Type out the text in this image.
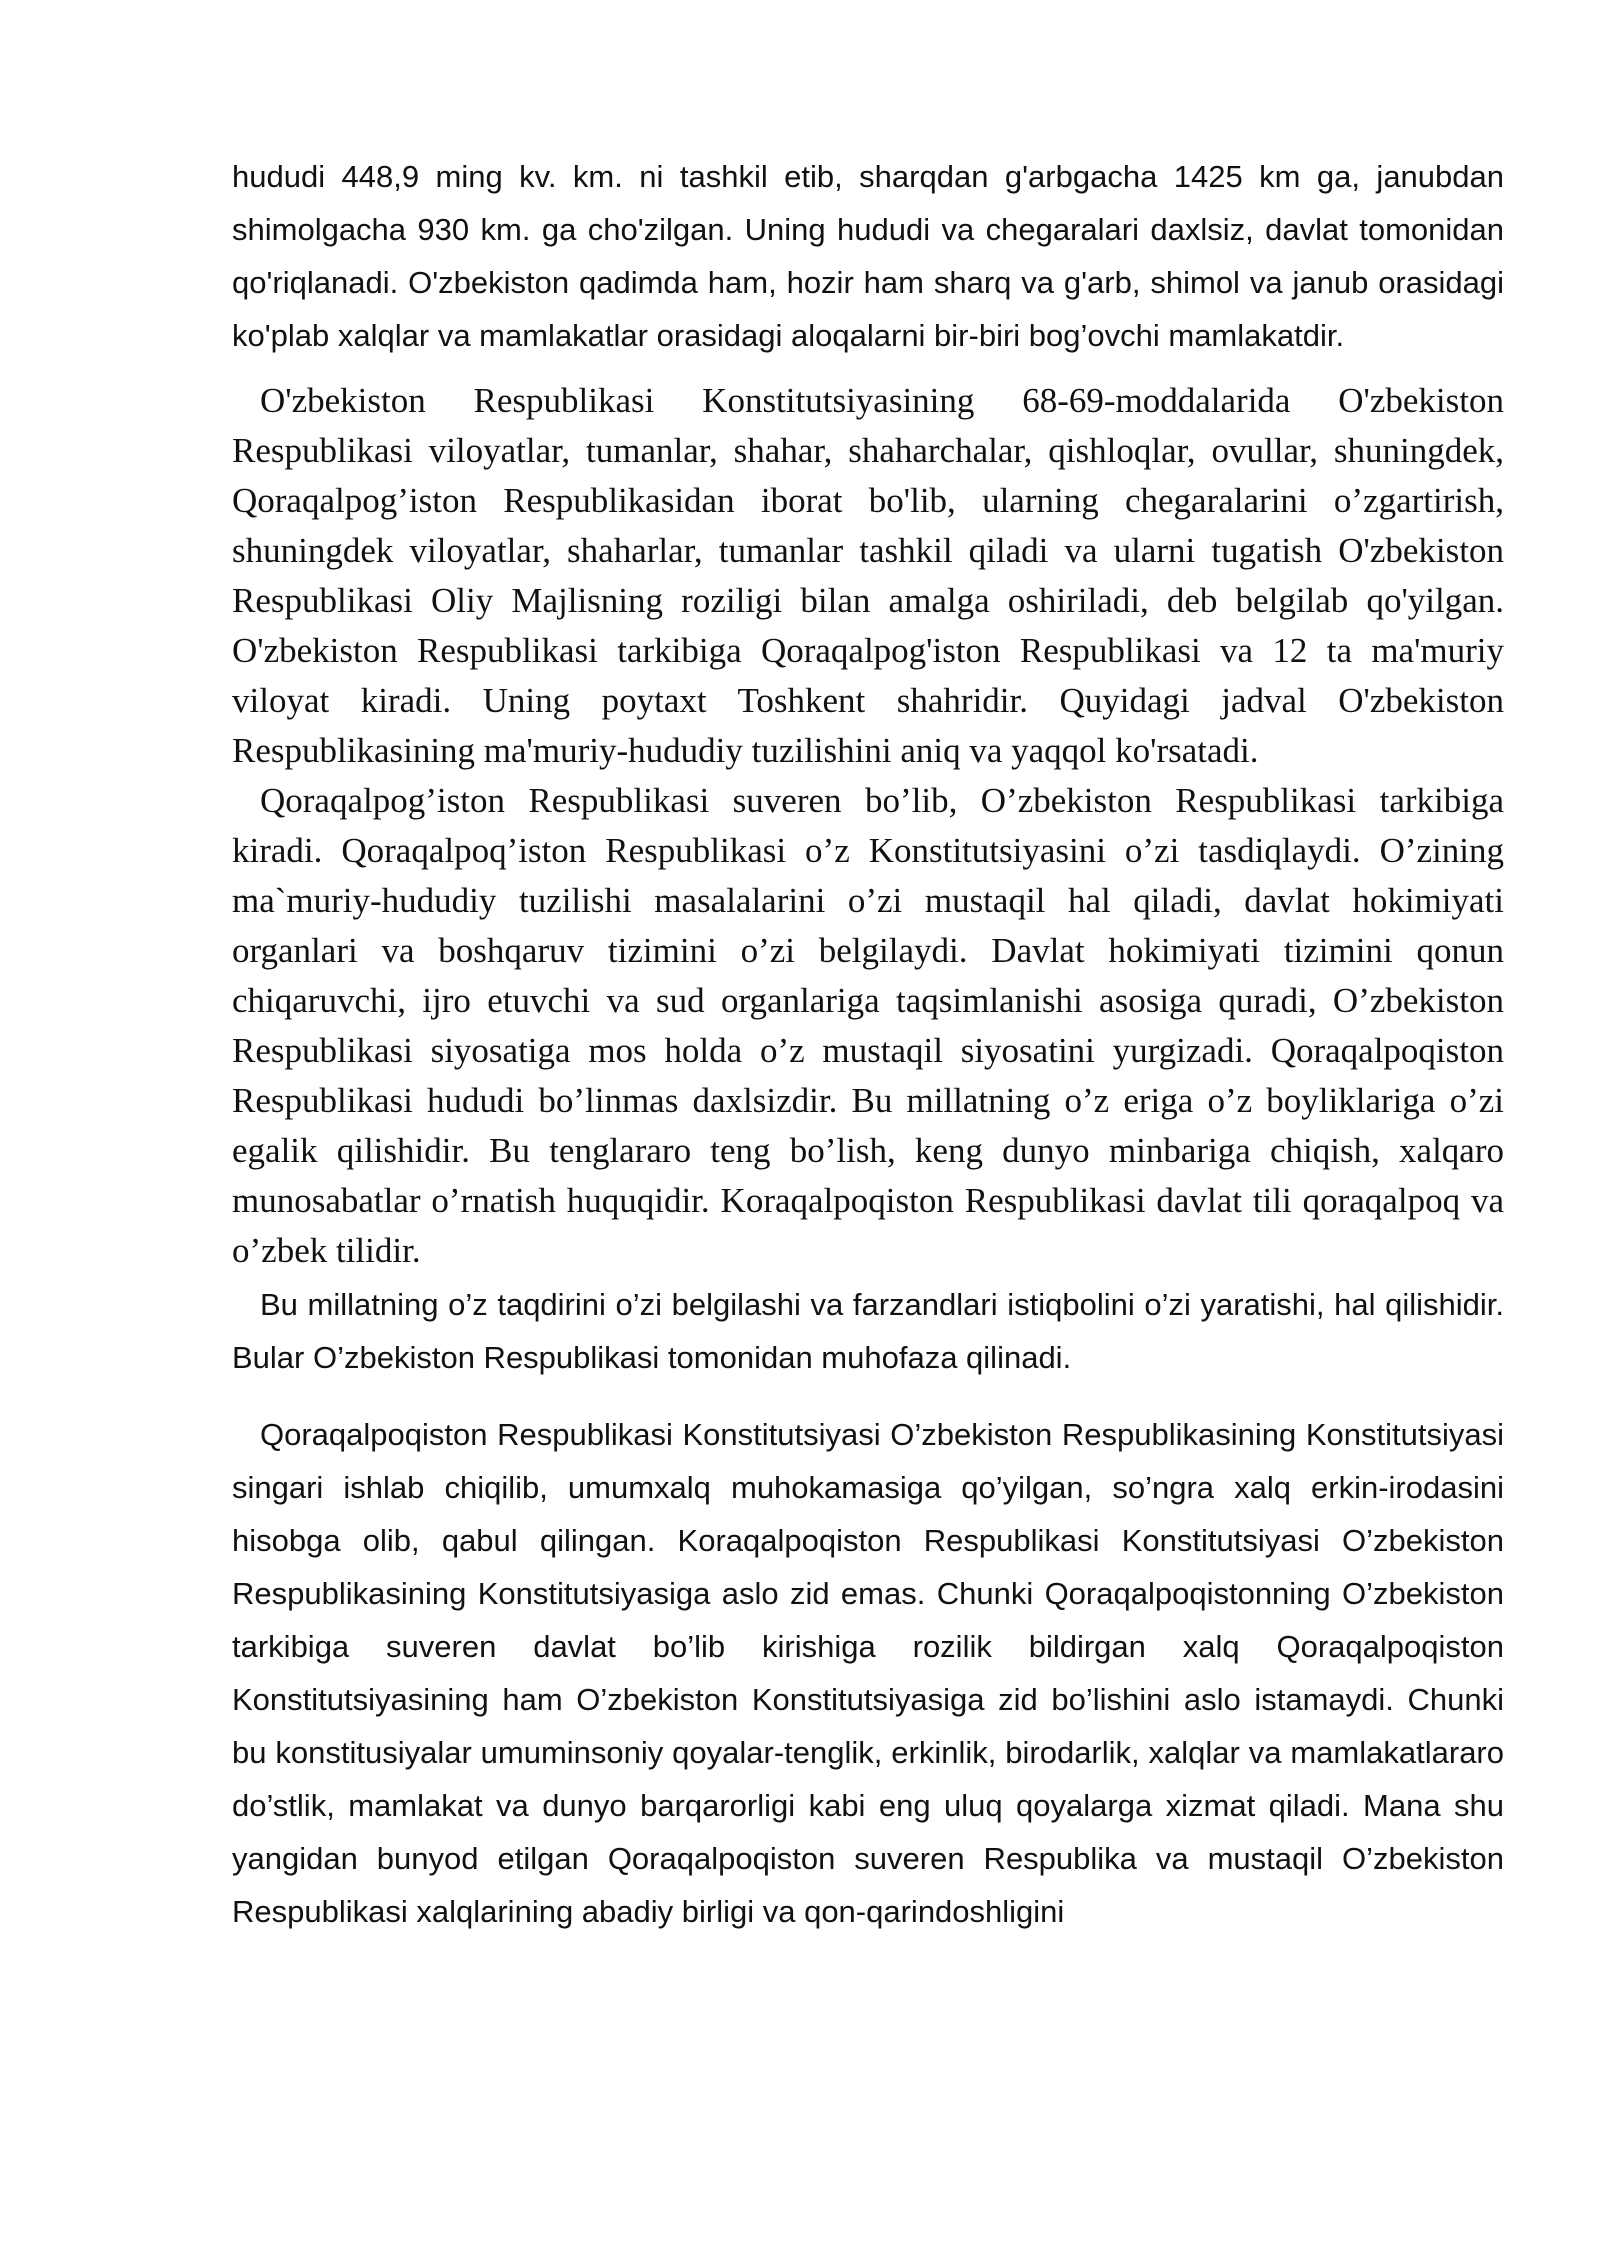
hududi 448,9 ming kv. km. ni tashkil etib, sharqdan g'arbgacha 1425 km ga, janubdan shimolgacha 930 km. ga cho'zilgan. Uning hududi va chegaralari daxlsiz, davlat tomonidan qo'riqlanadi. O'zbekiston qadimda ham, hozir ham sharq va g'arb, shimol va janub orasidagi ko'plab xalqlar va mamlakatlar orasidagi aloqalarni bir-biri bog’ovchi mamlakatdir.

O'zbekiston Respublikasi Konstitutsiyasining 68-69-moddalarida O'zbekiston Respublikasi viloyatlar, tumanlar, shahar, shaharchalar, qishloqlar, ovullar, shuningdek, Qoraqalpog’iston Respublikasidan iborat bo'lib, ularning chegaralarini o’zgartirish, shuningdek viloyatlar, shaharlar, tumanlar tashkil qiladi va ularni tugatish O'zbekiston Respublikasi Oliy Majlisning roziligi bilan amalga oshiriladi, deb belgilab qo'yilgan. O'zbekiston Respublikasi tarkibiga Qoraqalpog'iston Respublikasi va 12 ta ma'muriy viloyat kiradi. Uning poytaxt Toshkent shahridir. Quyidagi jadval O'zbekiston Respublikasining ma'muriy-hududiy tuzilishini aniq va yaqqol ko'rsatadi.

Qoraqalpog’iston Respublikasi suveren bo’lib, O’zbekiston Respublikasi tarkibiga kiradi. Qoraqalpoq’iston Respublikasi o’z Konstitutsiyasini o’zi tasdiqlaydi. O’zining ma`muriy-hududiy tuzilishi masalalarini o’zi mustaqil hal qiladi, davlat hokimiyati organlari va boshqaruv tizimini o’zi belgilaydi. Davlat hokimiyati tizimini qonun chiqaruvchi, ijro etuvchi va sud organlariga taqsimlanishi asosiga quradi, O’zbekiston Respublikasi siyosatiga mos holda o’z mustaqil siyosatini yurgizadi. Qoraqalpoqiston Respublikasi hududi bo’linmas daxlsizdir. Bu millatning o’z eriga o’z boyliklariga o’zi egalik qilishidir. Bu tenglararo teng bo’lish, keng dunyo minbariga chiqish, xalqaro munosabatlar o’rnatish huquqidir. Koraqalpoqiston Respublikasi davlat tili qoraqalpoq va o’zbek tilidir.

Bu millatning o’z taqdirini o’zi belgilashi va farzandlari istiqbolini o’zi yaratishi, hal qilishidir. Bular O’zbekiston Respublikasi tomonidan muhofaza qilinadi.

Qoraqalpoqiston Respublikasi Konstitutsiyasi O’zbekiston Respublikasining Konstitutsiyasi singari ishlab chiqilib, umumxalq muhokamasiga qo’yilgan, so’ngra xalq erkin-irodasini hisobga olib, qabul qilingan. Koraqalpoqiston Respublikasi Konstitutsiyasi O’zbekiston Respublikasining Konstitutsiyasiga aslo zid emas. Chunki Qoraqalpoqistonning O’zbekiston tarkibiga suveren davlat bo’lib kirishiga rozilik bildirgan xalq Qoraqalpoqiston Konstitutsiyasining ham O’zbekiston Konstitutsiyasiga zid bo’lishini aslo istamaydi. Chunki bu konstitusiyalar umuminsoniy qoyalar-tenglik, erkinlik, birodarlik, xalqlar va mamlakatlararo do’stlik, mamlakat va dunyo barqarorligi kabi eng uluq qoyalarga xizmat qiladi. Mana shu yangidan bunyod etilgan Qoraqalpoqiston suveren Respublika va mustaqil O’zbekiston Respublikasi xalqlarining abadiy birligi va qon-qarindoshligini
